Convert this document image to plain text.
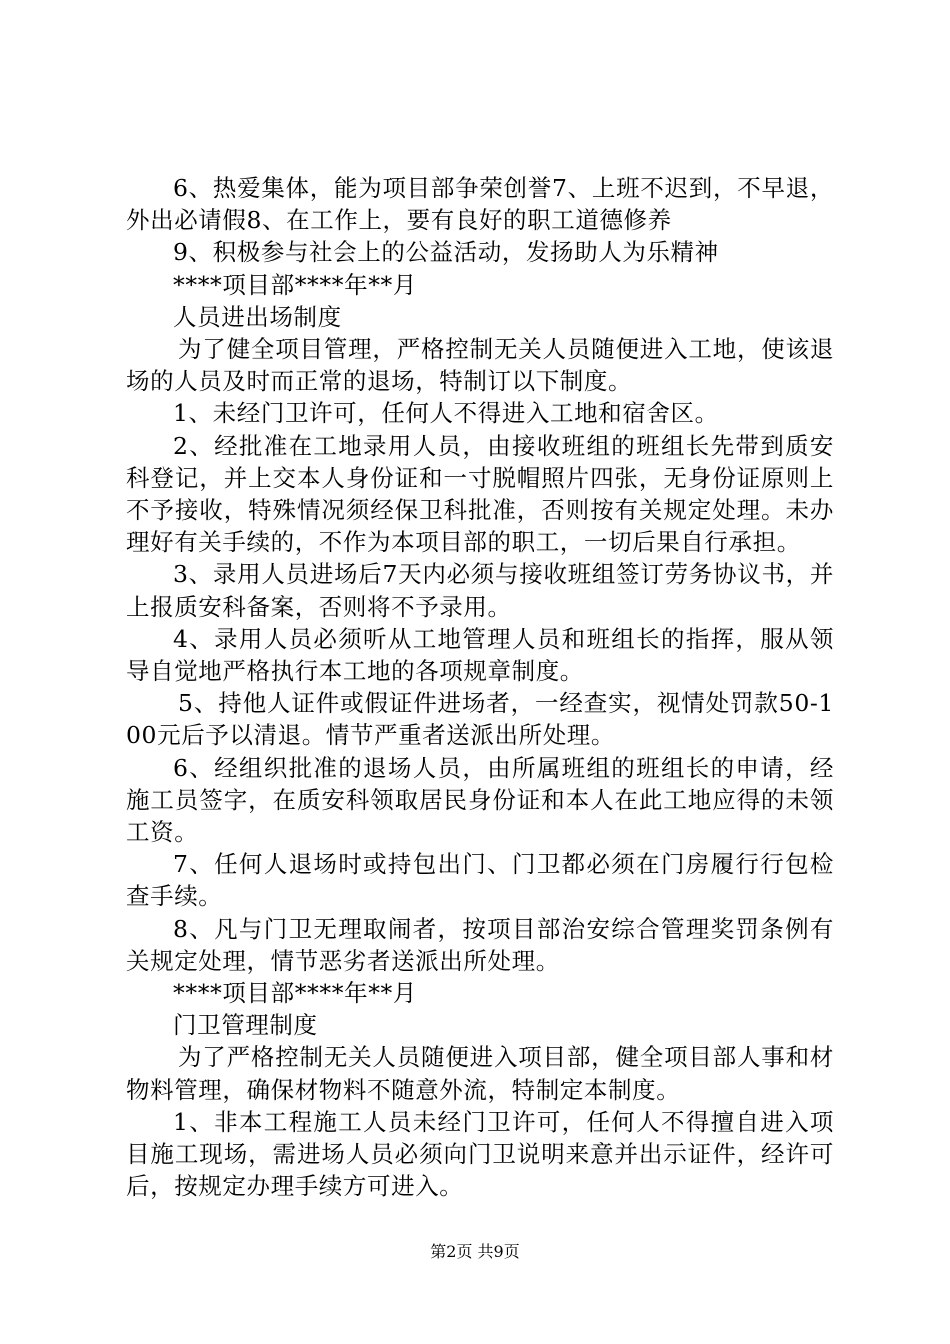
6、热爱集体，能为项目部争荣创誉7、上班不迟到，不早退，外出必请假8、在工作上，要有良好的职工道德修养

9、积极参与社会上的公益活动，发扬助人为乐精神

****项目部****年**月

人员进出场制度

为了健全项目管理，严格控制无关人员随便进入工地，使该退场的人员及时而正常的退场，特制订以下制度。

1、未经门卫许可，任何人不得进入工地和宿舍区。

2、经批准在工地录用人员，由接收班组的班组长先带到质安科登记，并上交本人身份证和一寸脱帽照片四张，无身份证原则上不予接收，特殊情况须经保卫科批准，否则按有关规定处理。未办理好有关手续的，不作为本项目部的职工，一切后果自行承担。

3、录用人员进场后7天内必须与接收班组签订劳务协议书，并上报质安科备案，否则将不予录用。

4、录用人员必须听从工地管理人员和班组长的指挥，服从领导自觉地严格执行本工地的各项规章制度。

5、持他人证件或假证件进场者，一经查实，视情处罚款50-100元后予以清退。情节严重者送派出所处理。

6、经组织批准的退场人员，由所属班组的班组长的申请，经施工员签字，在质安科领取居民身份证和本人在此工地应得的未领工资。

7、任何人退场时或持包出门、门卫都必须在门房履行行包检查手续。

8、凡与门卫无理取闹者，按项目部治安综合管理奖罚条例有关规定处理，情节恶劣者送派出所处理。

****项目部****年**月

门卫管理制度

为了严格控制无关人员随便进入项目部，健全项目部人事和材物料管理，确保材物料不随意外流，特制定本制度。

1、非本工程施工人员未经门卫许可，任何人不得擅自进入项目施工现场，需进场人员必须向门卫说明来意并出示证件，经许可后，按规定办理手续方可进入。

第2页 共9页
